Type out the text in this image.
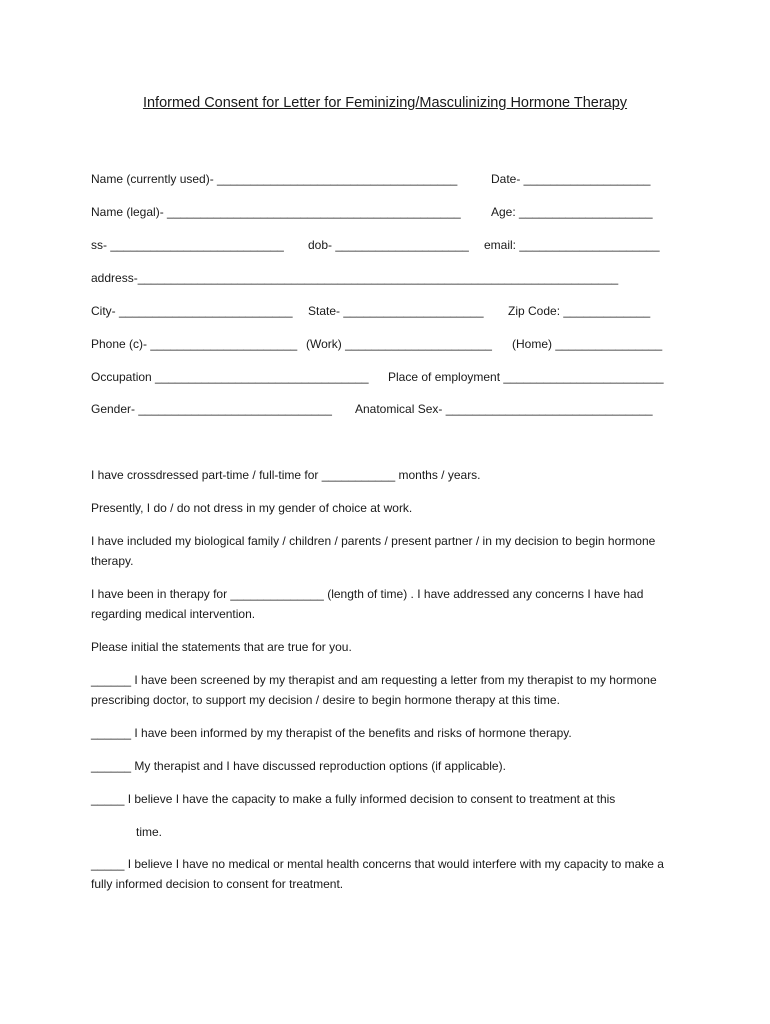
Informed Consent for Letter for Feminizing/Masculinizing Hormone Therapy
Name (currently used)- ____________________________________	Date- ___________________
Name (legal)- ____________________________________________	Age: ____________________
ss- __________________________ dob- ____________________ email: _____________________
address-________________________________________________________________________
City- __________________________ State- _____________________ Zip Code: _____________
Phone (c)- ______________________ (Work) ______________________ (Home) ________________
Occupation ________________________________ Place of employment ________________________
Gender- _____________________________ Anatomical Sex- _______________________________
I have crossdressed part-time / full-time for ___________ months / years.
Presently, I do / do not dress in my gender of choice at work.
I have included my biological family / children / parents / present partner / in my decision to begin hormone therapy.
I have been in therapy for ______________ (length of time) . I have addressed any concerns I have had regarding medical intervention.
Please initial the statements that are true for you.
______ I have been screened by my therapist and am requesting a letter from my therapist to my hormone prescribing doctor, to support my decision / desire to begin hormone therapy at this time.
______ I have been informed by my therapist of the benefits and risks of hormone therapy.
______ My therapist and I have discussed reproduction options (if applicable).
_____ I believe I have the capacity to make a fully informed decision to consent to treatment at this
time.
_____ I believe I have no medical or mental health concerns that would interfere with my capacity to make a fully informed decision to consent for treatment.
